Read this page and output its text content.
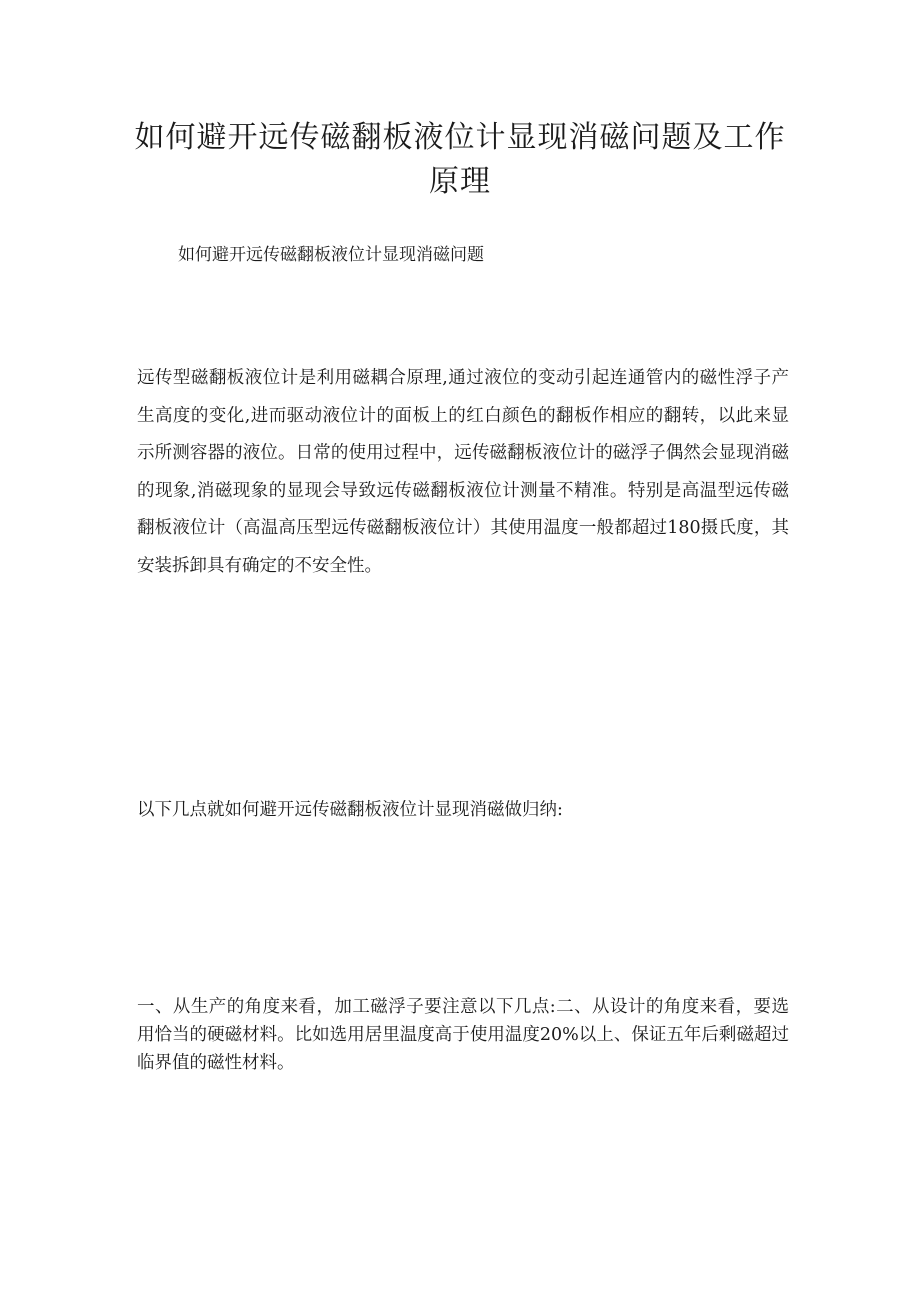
如何避开远传磁翻板液位计显现消磁问题及工作原理

如何避开远传磁翻板液位计显现消磁问题

远传型磁翻板液位计是利用磁耦合原理,通过液位的变动引起连通管内的磁性浮子产生高度的变化,进而驱动液位计的面板上的红白颜色的翻板作相应的翻转，以此来显示所测容器的液位。日常的使用过程中，远传磁翻板液位计的磁浮子偶然会显现消磁的现象,消磁现象的显现会导致远传磁翻板液位计测量不精准。特别是高温型远传磁翻板液位计（高温高压型远传磁翻板液位计）其使用温度一般都超过180摄氏度，其安装拆卸具有确定的不安全性。

以下几点就如何避开远传磁翻板液位计显现消磁做归纳:

一、从生产的角度来看，加工磁浮子要注意以下几点:二、从设计的角度来看，要选用恰当的硬磁材料。比如选用居里温度高于使用温度20%以上、保证五年后剩磁超过临界值的磁性材料。
